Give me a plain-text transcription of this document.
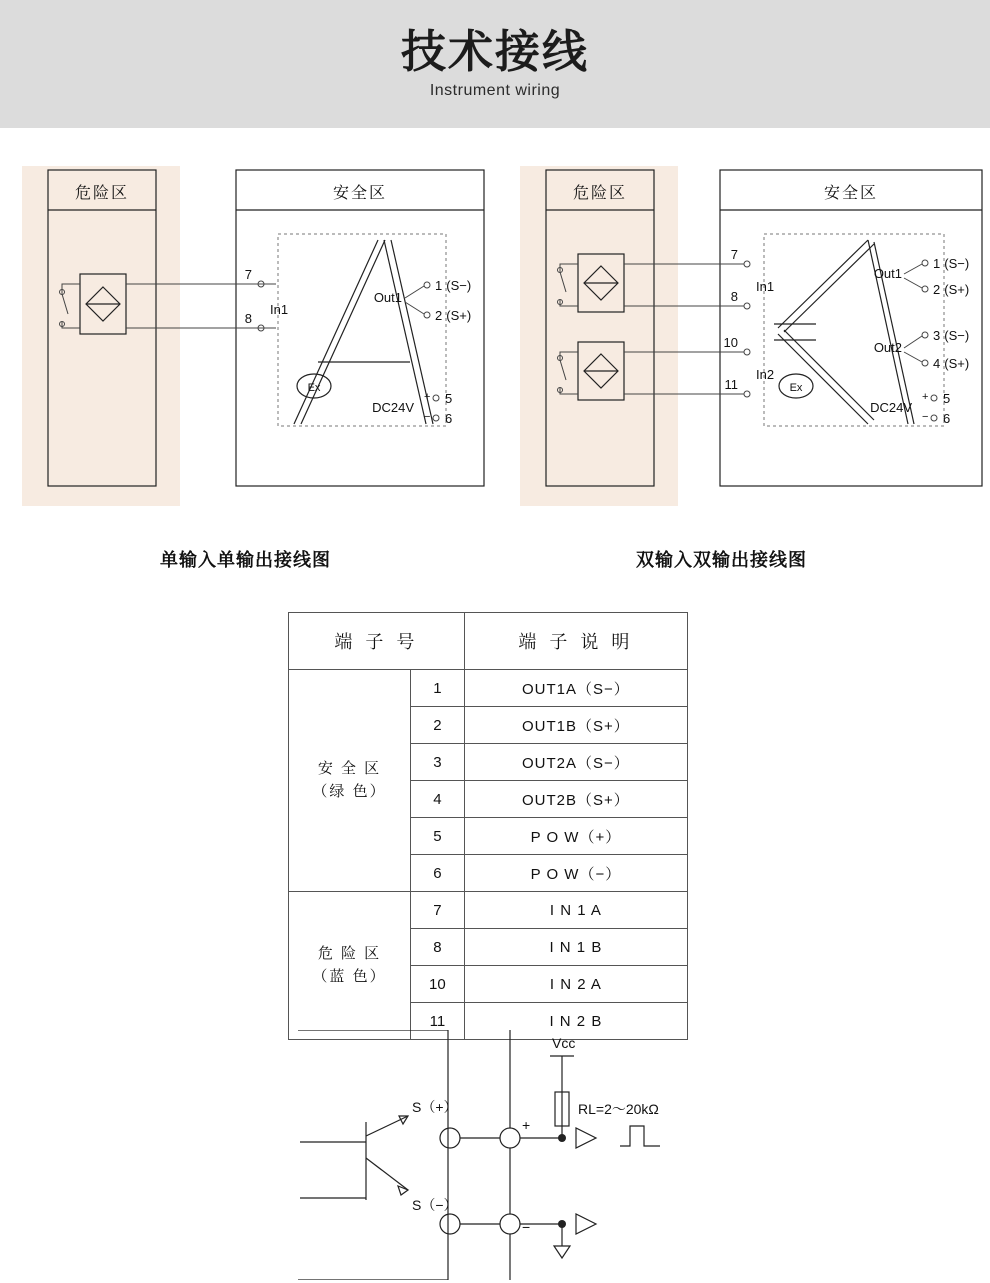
技术接线
Instrument wiring
危险区	安全区
Ex
7
8
In1
Out1
1 (S−)
2 (S+)
DC24V
+
−
5
6
单输入单输出接线图
危险区	安全区
Ex
7
8
In1
10
11
In2
Out1
1 (S−)
2 (S+)
Out2
3 (S−)
4 (S+)
DC24V
+
−
5
6
双输入双输出接线图
端 子 号		端 子 说 明
安 全 区
（绿 色）	1	OUT1A（S−）
	2	OUT1B（S+）
	3	OUT2A（S−）
	4	OUT2B（S+）
	5	P O W（+）
	6	P O W（−）
危 险 区
（蓝 色）	7	I N 1 A
	8	I N 1 B
	10	I N 2 A
	11	I N 2 B
S（+）
S（−）
+
−
Vcc
RL=2～20kΩ
